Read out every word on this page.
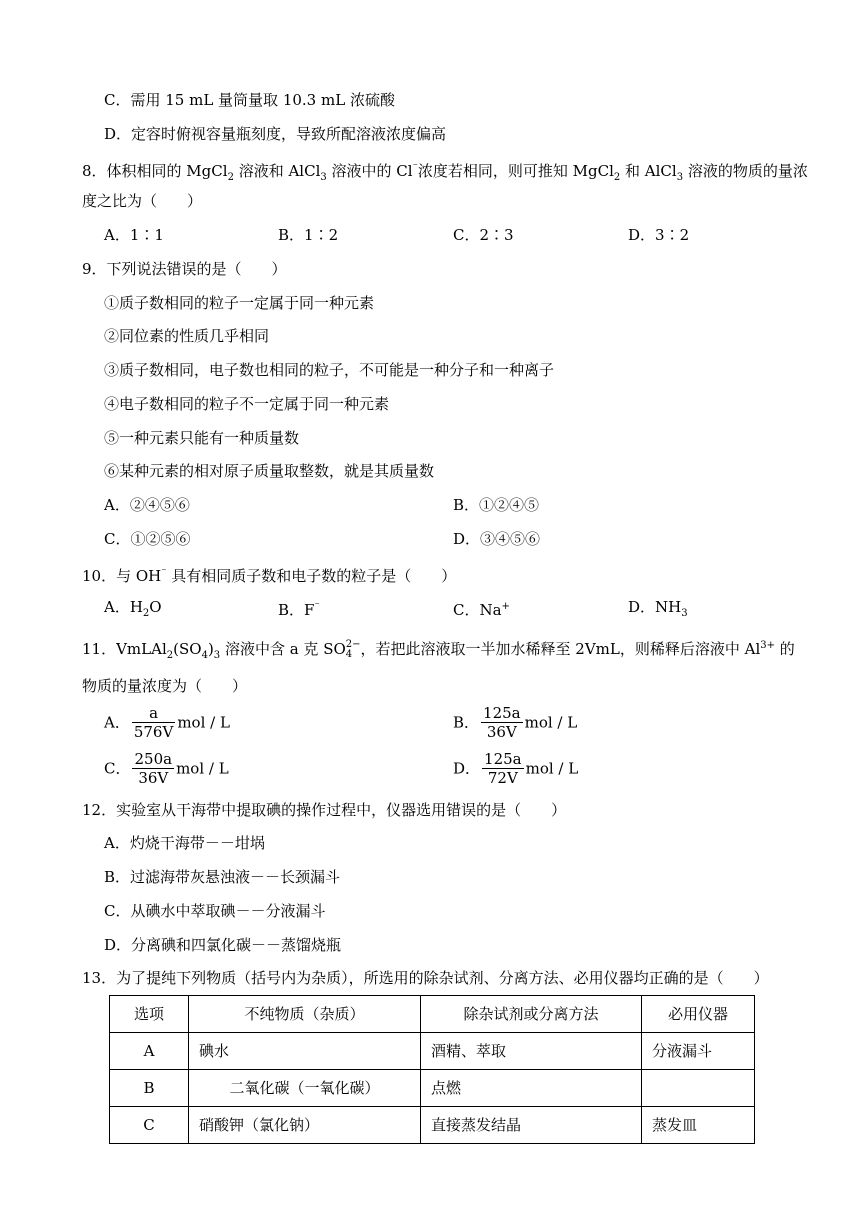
C．需用 15 mL 量筒量取 10.3 mL 浓硫酸
D．定容时俯视容量瓶刻度，导致所配溶液浓度偏高
8．体积相同的 MgCl$_2$ 溶液和 AlCl$_3$ 溶液中的 Cl⁻浓度若相同，则可推知 MgCl$_2$ 和 AlCl$_3$ 溶液的物质的量浓
度之比为（　　）
A．1∶1	B．1∶2	C．2∶3	D．3∶2
9．下列说法错误的是（　　）
①质子数相同的粒子一定属于同一种元素
②同位素的性质几乎相同
③质子数相同，电子数也相同的粒子，不可能是一种分子和一种离子
④电子数相同的粒子不一定属于同一种元素
⑤一种元素只能有一种质量数
⑥某种元素的相对原子质量取整数，就是其质量数
A．②④⑤⑥	B．①②④⑤
C．①②⑤⑥	D．③④⑤⑥
10．与 OH⁻ 具有相同质子数和电子数的粒子是（　　）
A．$H_2O$	B．F⁻	C．Na+	D．$NH_3$
11．$VmLAl_2(SO_4)_3$ 溶液中含 a 克 SO 2−
4 ，若把此溶液取一半加水稀释至 2VmL，则稀释后溶液中 $Al^{3+}$ 的
物质的量浓度为（　　）
A． $\frac{a}{576V}$ mol / L	B． $\frac{125a}{36V}$ mol / L
C． $\frac{250a}{36V}$ mol / L	D． $\frac{125a}{72V}$ mol / L
12．实验室从干海带中提取碘的操作过程中，仪器选用错误的是（　　）
A．灼烧干海带－－坩埚
B．过滤海带灰悬浊液－－长颈漏斗
C．从碘水中萃取碘－－分液漏斗
D．分离碘和四氯化碳－－蒸馏烧瓶
13．为了提纯下列物质（括号内为杂质），所选用的除杂试剂、分离方法、必用仪器均正确的是（　　）
选项	不纯物质（杂质）	除杂试剂或分离方法	必用仪器
A	碘水	酒精、萃取	分液漏斗
B	二氧化碳（一氧化碳）	点燃	
C	硝酸钾（氯化钠）	直接蒸发结晶	蒸发皿
